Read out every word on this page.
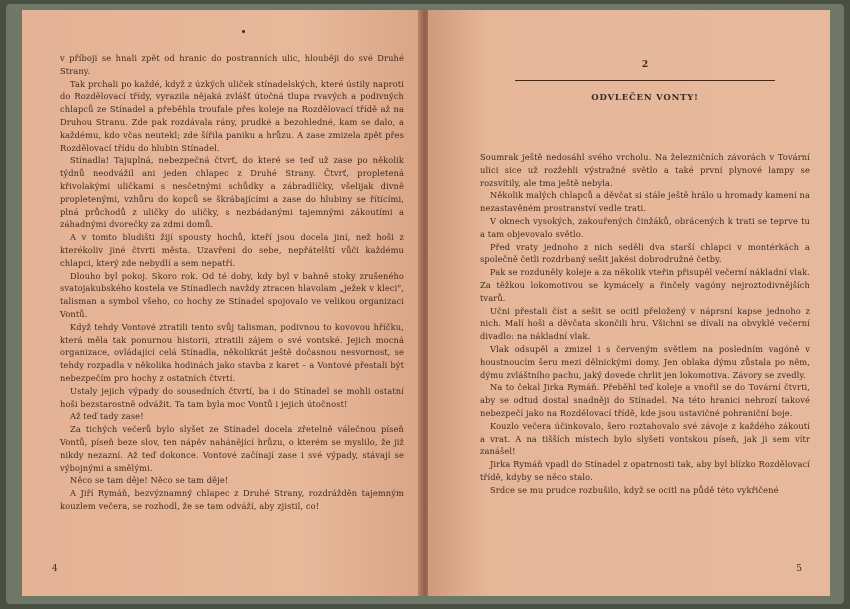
v příboji se hnali zpět od hranic do postranních ulic, hlouběji do své Druhé Strany.

Tak prchali po každé, když z úzkých uliček stínadelských, které ústily naproti do Rozdělovací třídy, vyrazila nějaká zvlášť útočná tlupa rvavých a podivných chlapců ze Stínadel a přeběhla troufale přes koleje na Rozdělovací třídě až na Druhou Stranu. Zde pak rozdávala rány, prudké a bezohledné, kam se dalo, a každému, kdo včas neutekl; zde šířila paniku a hrůzu. A zase zmizela zpět přes Rozdělovací třídu do hlubin Stínadel.

Stínadla! Tajuplná, nebezpečná čtvrť, do které se teď už zase po několik týdnů neodvážil ani jeden chlapec z Druhé Strany. Čtvrť, propletená křivolakými uličkami s nesčetnými schůdky a zábradlíčky, všelijak divně propletenými, vzhůru do kopců se škrábajícími a zase do hlubiny se řítícími, plná průchodů z uličky do uličky, s nezbádanými tajemnými zákoutími a záhadnými dvorečky za zdmi domů.

A v tomto bludišti žijí spousty hochů, kteří jsou docela jiní, než hoši z kterékoliv jiné čtvrti města. Uzavřeni do sebe, nepřátelští vůči každému chlapci, který zde nebydlí a sem nepatří.

Dlouho byl pokoj. Skoro rok. Od té doby, kdy byl v bahně stoky zrušeného svatojakubského kostela ve Stínadlech navždy ztracen hlavolam „ježek v kleci", talisman a symbol všeho, co hochy ze Stínadel spojovalo ve velikou organizaci Vontů.

Když tehdy Vontové ztratili tento svůj talisman, podivnou to kovovou hříčku, která měla tak ponurnou historii, ztratili zájem o své vontské. Jejich mocná organizace, ovládající celá Stínadla, několikrát ještě dočasnou nesvornost, se tehdy rozpadla v několika hodinách jako stavba z karet – a Vontové přestali být nebezpečím pro hochy z ostatních čtvrtí.

Ustaly jejich výpady do sousedních čtvrtí, ba i do Stínadel se mohli ostatní hoši bezstarostně odvážit. Ta tam byla moc Vontů i jejich útočnost!

Až teď tady zase!

Za tichých večerů bylo slyšet ze Stínadel docela zřetelně válečnou píseň Vontů, píseň beze slov, ten nápěv nahánějící hrůzu, o kterém se myslilo, že již nikdy nezazní. Až teď dokonce. Vontové začínají zase i své výpady, stávají se výbojnými a smělými.

Něco se tam děje! Něco se tam děje!

A Jiří Rymáň, bezvýznamný chlapec z Druhé Strany, rozdrážděn tajemným kouzlem večera, se rozhodl, že se tam odváží, aby zjistil, co!

4
2
ODVLEČEN VONTY!

Soumrak ještě nedosáhl svého vrcholu. Na železničních závorách v Tovární ulici sice už rozžehli výstražné světlo a také první plynové lampy se rozsvítily, ale tma ještě nebyla.

Několik malých chlapců a děvčat si stále ještě hrálo u hromady kamení na nezastavěném prostranství vedle trati.

V oknech vysokých, zakouřených činžáků, obrácených k trati se teprve tu a tam objevovalo světlo.

Před vraty jednoho z nich seděli dva starší chlapci v montérkách a společně četli rozdrbaný sešit jakési dobrodružné četby.

Pak se rozduněly koleje a za několik vteřin přisupěl večerní nákladní vlak. Za těžkou lokomotivou se kymácely a řinčely vagóny nejroztodivnějších tvarů.

Učni přestali číst a sešit se ocitl přeložený v náprsní kapse jednoho z nich. Malí hoši a děvčata skončili hru. Všichni se dívali na obvyklé večerní divadlo: na nákladní vlak.

Vlak odsupěl a zmizel i s červeným světlem na posledním vagóně v houstnoucím šeru mezi dělnickými domy. Jen oblaka dýmu zůstala po něm, dýmu zvláštního pachu, jaký dovede chrlit jen lokomotiva. Závory se zvedly.

Na to čekal Jirka Rymáň. Přeběhl teď koleje a vnořil se do Tovární čtvrti, aby se odtud dostal snadněji do Stínadel. Na této hranici nehrozí takové nebezpečí jako na Rozdělovací třídě, kde jsou ustavičné pohraniční boje.

Kouzlo večera účinkovalo, šero roztahovalo své závoje z každého zákoutí a vrat. A na tišších místech bylo slyšeti vontskou píseň, jak ji sem vítr zanášel!

Jirka Rymáň vpadl do Stínadel z opatrnosti tak, aby byl blízko Rozdělovací třídě, kdyby se něco stalo.

Srdce se mu prudce rozbušilo, když se ocitl na půdě této vykřičené

5
